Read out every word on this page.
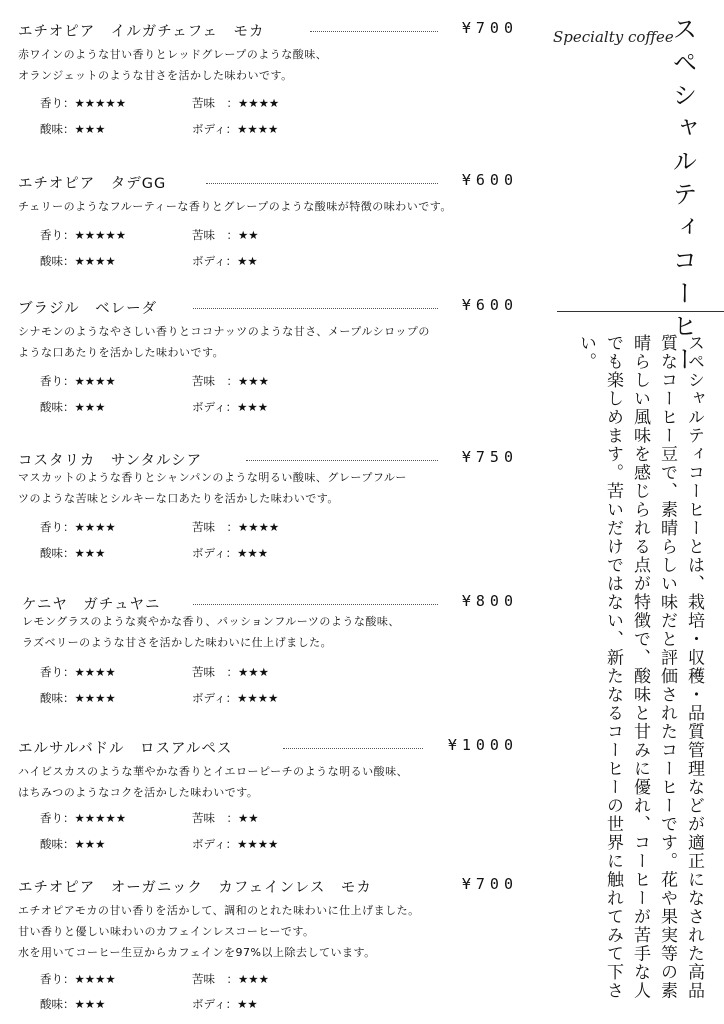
エチオピア　イルガチェフェ　モカ	¥700
赤ワインのような甘い香りとレッドグレープのような酸味、
オランジェットのような甘さを活かした味わいです。
香り：★★★★★	苦味　：★★★★
酸味：★★★	ボディ：★★★★
エチオピア　タデGG	¥600
チェリーのようなフルーティーな香りとグレープのような酸味が特徴の味わいです。
香り：★★★★★	苦味　：★★
酸味：★★★★	ボディ：★★
ブラジル　ベレーダ	¥600
シナモンのようなやさしい香りとココナッツのような甘さ、メープルシロップの
ような口あたりを活かした味わいです。
香り：★★★★	苦味　：★★★
酸味：★★★	ボディ：★★★
コスタリカ　サンタルシア	¥750
マスカットのような香りとシャンパンのような明るい酸味、グレープフルー
ツのような苦味とシルキーな口あたりを活かした味わいです。
香り：★★★★	苦味　：★★★★
酸味：★★★	ボディ：★★★
ケニヤ　ガチュヤニ	¥800
レモングラスのような爽やかな香り、パッションフルーツのような酸味、
ラズベリーのような甘さを活かした味わいに仕上げました。
香り：★★★★	苦味　：★★★
酸味：★★★★	ボディ：★★★★
エルサルバドル　ロスアルペス	¥1000
ハイビスカスのような華やかな香りとイエローピーチのような明るい酸味、
はちみつのようなコクを活かした味わいです。
香り：★★★★★	苦味　：★★
酸味：★★★	ボディ：★★★★
エチオピア　オーガニック　カフェインレス　モカ	¥700
エチオピアモカの甘い香りを活かして、調和のとれた味わいに仕上げました。
甘い香りと優しい味わいのカフェインレスコーヒーです。
水を用いてコーヒー生豆からカフェインを97%以上除去しています。
香り：★★★★	苦味　：★★★
酸味：★★★	ボディ：★★
Specialty coffee
スペシャルティコーヒー
スペシャルティコーヒーとは、栽培・収穫・品質管理などが適正になされた高品質なコーヒー豆で、素晴らしい味だと評価されたコーヒーです。花や果実等の素晴らしい風味を感じられる点が特徴で、酸味と甘みに優れ、コーヒーが苦手な人でも楽しめます。苦いだけではない、新たなるコーヒーの世界に触れてみて下さい。
